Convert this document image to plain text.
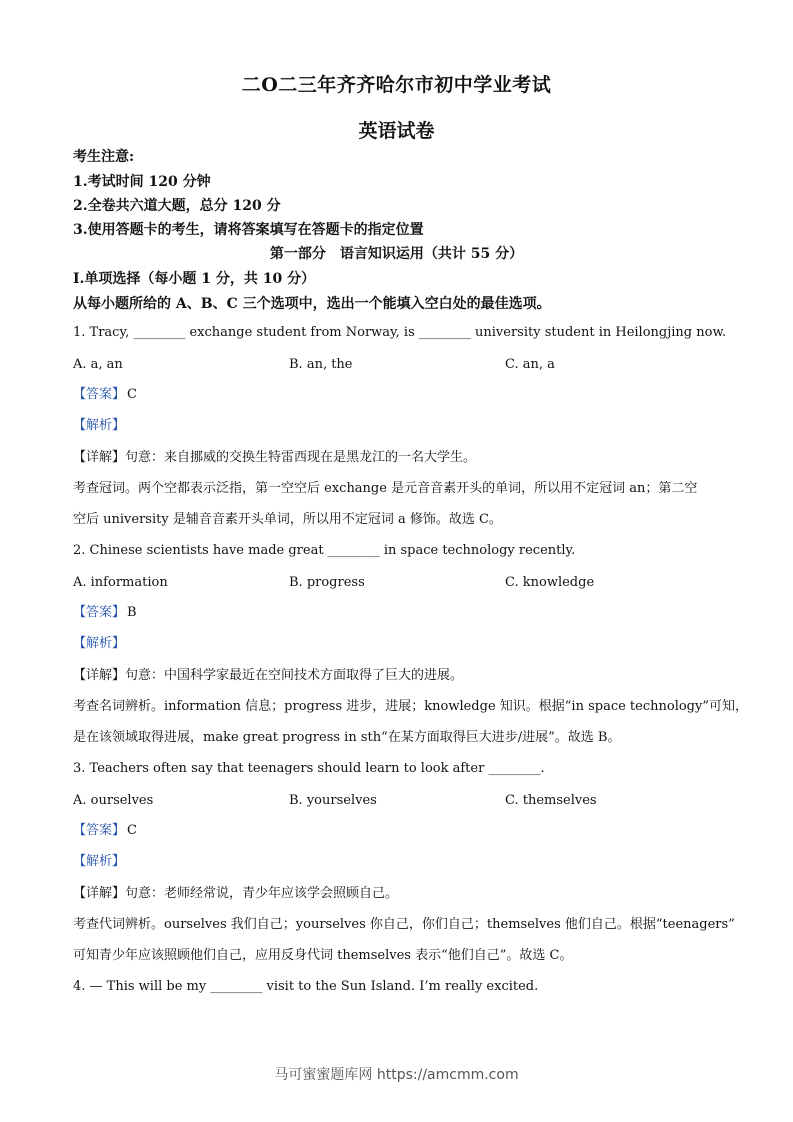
二O二三年齐齐哈尔市初中学业考试
英语试卷
考生注意:
1.考试时间 120 分钟
2.全卷共六道大题，总分 120 分
3.使用答题卡的考生，请将答案填写在答题卡的指定位置
第一部分　语言知识运用（共计 55 分）
I.单项选择（每小题 1 分，共 10 分）
从每小题所给的 A、B、C 三个选项中，选出一个能填入空白处的最佳选项。
1. Tracy, ________ exchange student from Norway, is ________ university student in Heilongjing now.
A. a, an	B. an, the	C. an, a
【答案】 C
【解析】
【详解】句意：来自挪威的交换生特雷西现在是黑龙江的一名大学生。
考查冠词。两个空都表示泛指，第一空空后 exchange 是元音音素开头的单词，所以用不定冠词 an；第二空
空后 university 是辅音音素开头单词，所以用不定冠词 a 修饰。故选 C。
2. Chinese scientists have made great ________ in space technology recently.
A. information	B. progress	C. knowledge
【答案】 B
【解析】
【详解】句意：中国科学家最近在空间技术方面取得了巨大的进展。
考查名词辨析。information 信息；progress 进步，进展；knowledge 知识。根据“in space technology”可知，
是在该领域取得进展，make great progress in sth“在某方面取得巨大进步/进展”。故选 B。
3. Teachers often say that teenagers should learn to look after ________.
A. ourselves	B. yourselves	C. themselves
【答案】 C
【解析】
【详解】句意：老师经常说，青少年应该学会照顾自己。
考查代词辨析。ourselves 我们自己；yourselves 你自己，你们自己；themselves 他们自己。根据“teenagers”
可知青少年应该照顾他们自己，应用反身代词 themselves 表示“他们自己”。故选 C。
4. — This will be my ________ visit to the Sun Island. I’m really excited.
马可蜜蜜题库网 https://amcmm.com
